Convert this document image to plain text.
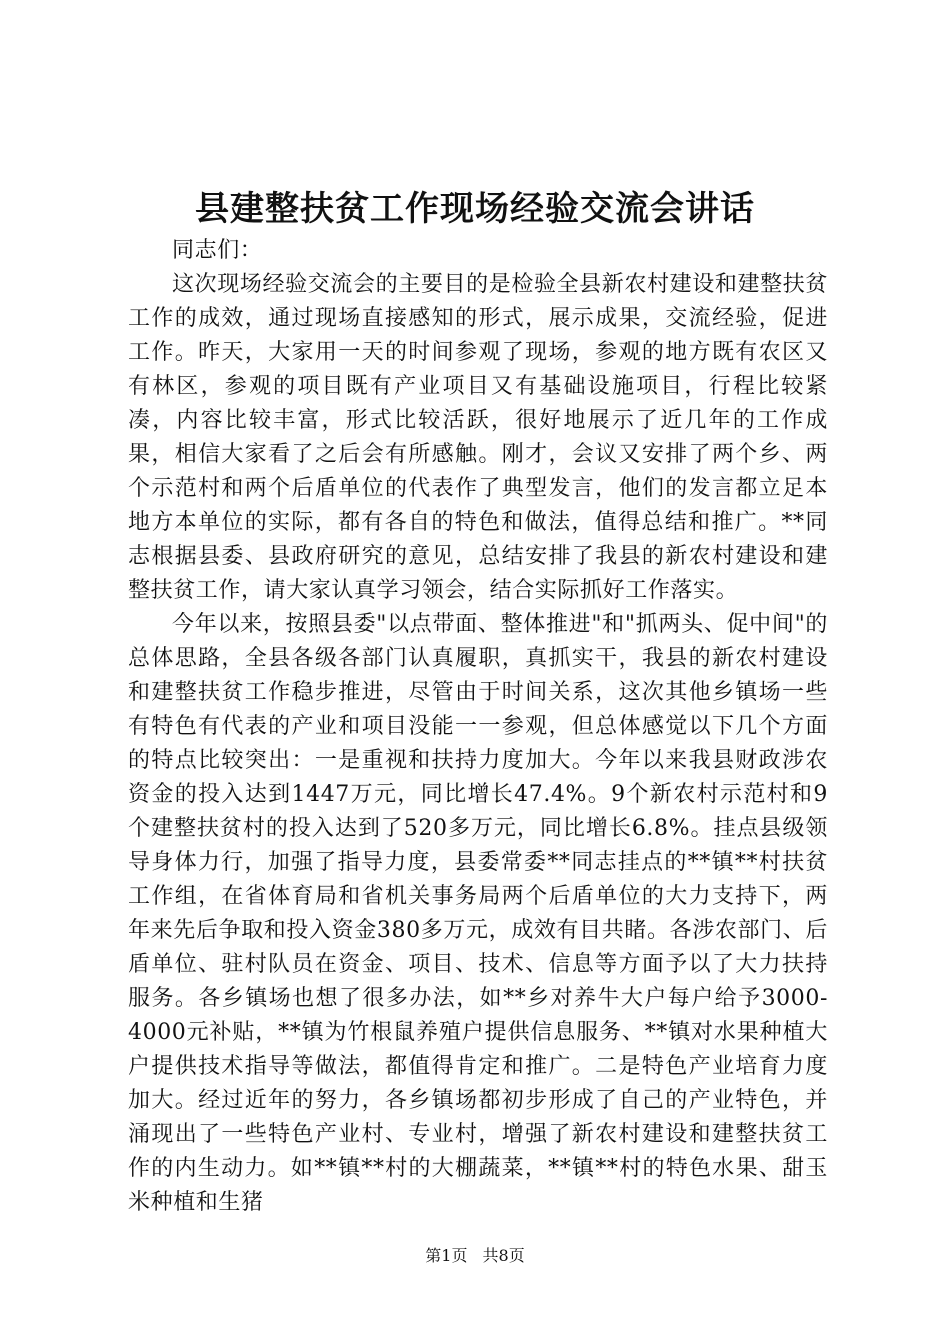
县建整扶贫工作现场经验交流会讲话

同志们：

这次现场经验交流会的主要目的是检验全县新农村建设和建整扶贫工作的成效，通过现场直接感知的形式，展示成果，交流经验，促进工作。昨天，大家用一天的时间参观了现场，参观的地方既有农区又有林区，参观的项目既有产业项目又有基础设施项目，行程比较紧凑，内容比较丰富，形式比较活跃，很好地展示了近几年的工作成果，相信大家看了之后会有所感触。刚才，会议又安排了两个乡、两个示范村和两个后盾单位的代表作了典型发言，他们的发言都立足本地方本单位的实际，都有各自的特色和做法，值得总结和推广。**同志根据县委、县政府研究的意见，总结安排了我县的新农村建设和建整扶贫工作，请大家认真学习领会，结合实际抓好工作落实。

今年以来，按照县委"以点带面、整体推进"和"抓两头、促中间"的总体思路，全县各级各部门认真履职，真抓实干，我县的新农村建设和建整扶贫工作稳步推进，尽管由于时间关系，这次其他乡镇场一些有特色有代表的产业和项目没能一一参观，但总体感觉以下几个方面的特点比较突出：一是重视和扶持力度加大。今年以来我县财政涉农资金的投入达到1447万元，同比增长47.4%。9个新农村示范村和9个建整扶贫村的投入达到了520多万元，同比增长6.8%。挂点县级领导身体力行，加强了指导力度，县委常委**同志挂点的**镇**村扶贫工作组，在省体育局和省机关事务局两个后盾单位的大力支持下，两年来先后争取和投入资金380多万元，成效有目共睹。各涉农部门、后盾单位、驻村队员在资金、项目、技术、信息等方面予以了大力扶持服务。各乡镇场也想了很多办法，如**乡对养牛大户每户给予3000-4000元补贴，**镇为竹根鼠养殖户提供信息服务、**镇对水果种植大户提供技术指导等做法，都值得肯定和推广。二是特色产业培育力度加大。经过近年的努力，各乡镇场都初步形成了自己的产业特色，并涌现出了一些特色产业村、专业村，增强了新农村建设和建整扶贫工作的内生动力。如**镇**村的大棚蔬菜，**镇**村的特色水果、甜玉米种植和生猪

第1页 共8页
